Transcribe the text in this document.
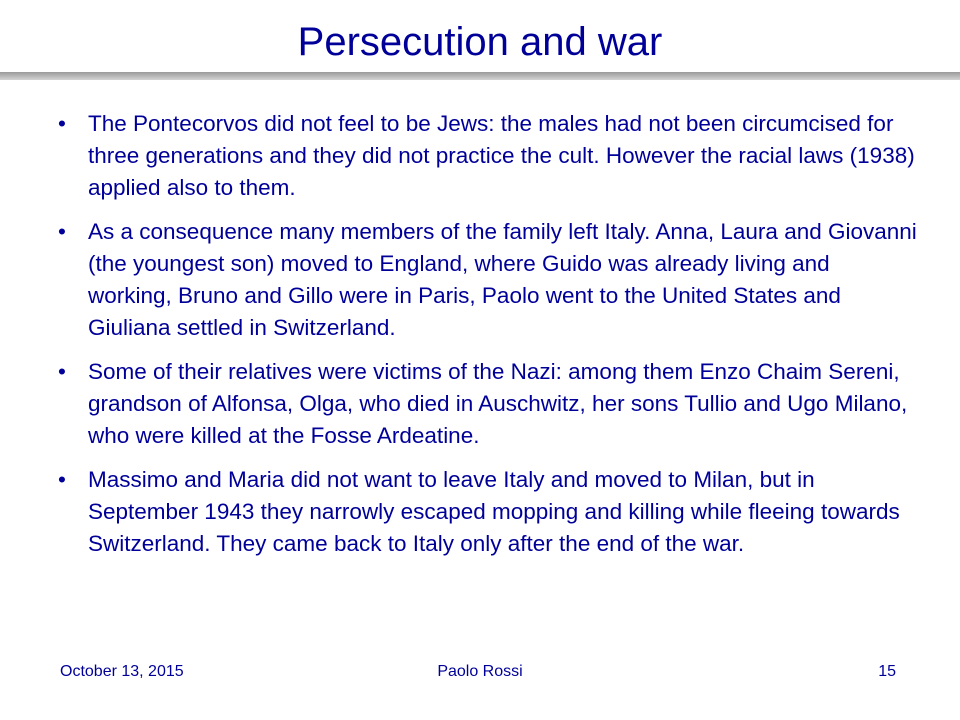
Persecution and war
• The Pontecorvos did not feel to be Jews: the males had not been circumcised for three generations and they did not practice the cult. However the racial laws (1938) applied also to them.
• As a consequence many members of the family left Italy. Anna, Laura and Giovanni (the youngest son) moved to England, where Guido was already living and working, Bruno and Gillo were in Paris, Paolo went to the United States and Giuliana settled in Switzerland.
• Some of their relatives were victims of the Nazi: among them Enzo Chaim Sereni, grandson of Alfonsa, Olga, who died in Auschwitz, her sons Tullio and Ugo Milano, who were killed at the Fosse Ardeatine.
• Massimo and Maria did not want to leave Italy and moved to Milan, but in September 1943 they narrowly escaped mopping and killing while fleeing towards Switzerland. They came back to Italy only after the end of the war.
October 13, 2015	Paolo Rossi	15
